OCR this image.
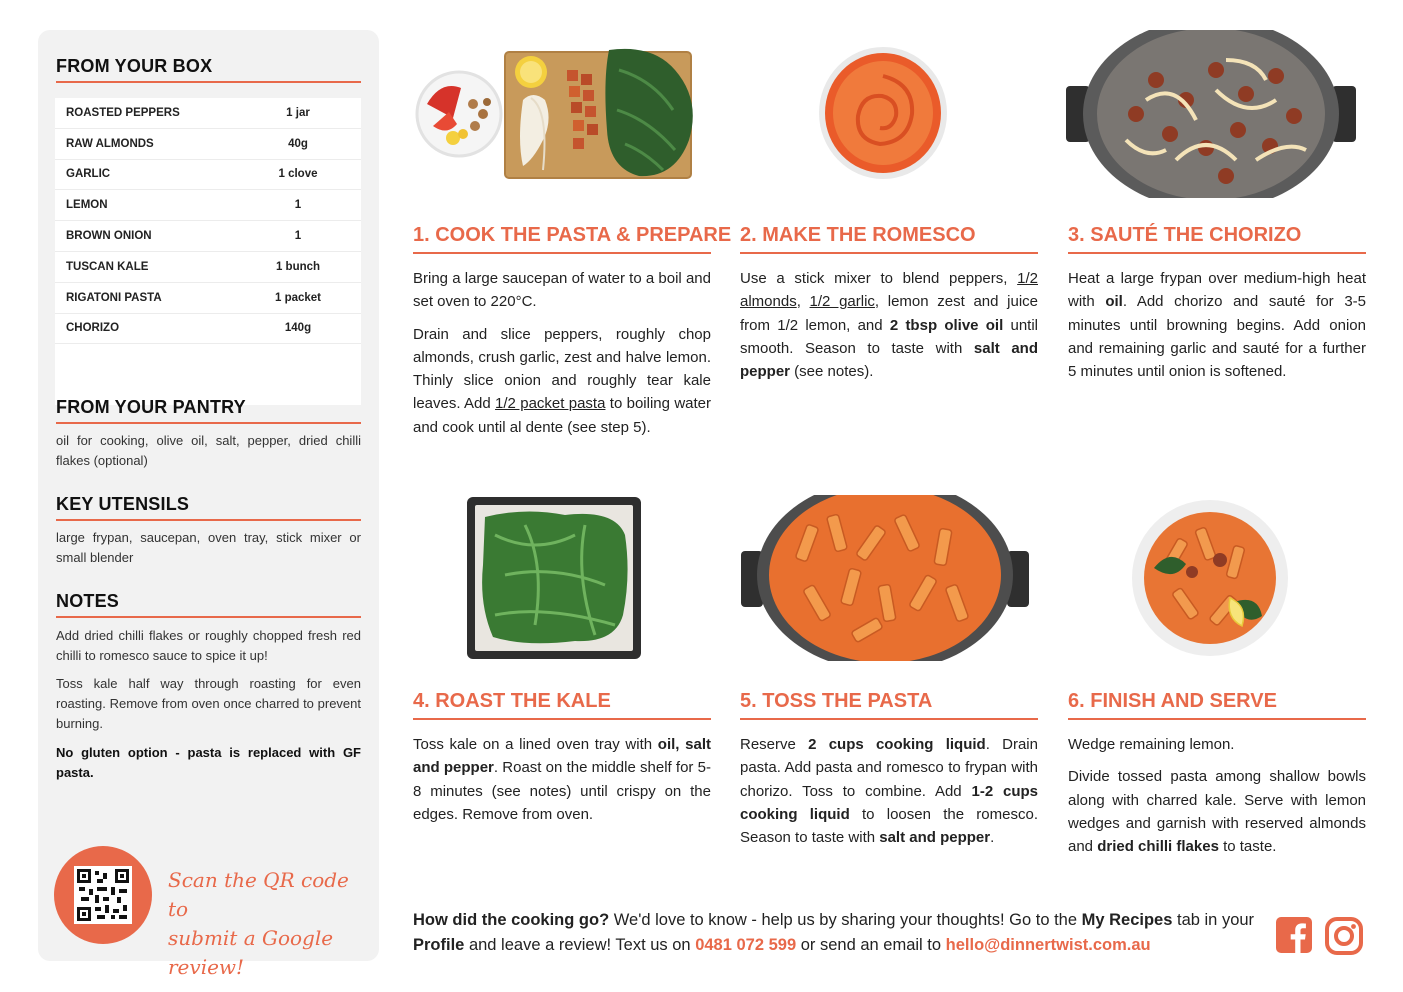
FROM YOUR BOX
ROASTED PEPPERS	1 jar
RAW ALMONDS	40g
GARLIC	1 clove
LEMON	1
BROWN ONION	1
TUSCAN KALE	1 bunch
RIGATONI PASTA	1 packet
CHORIZO	140g
FROM YOUR PANTRY
oil for cooking, olive oil, salt, pepper, dried chilli flakes (optional)
KEY UTENSILS
large frypan, saucepan, oven tray, stick mixer or small blender
NOTES
Add dried chilli flakes or roughly chopped fresh red chilli to romesco sauce to spice it up!
Toss kale half way through roasting for even roasting. Remove from oven once charred to prevent burning.
No gluten option - pasta is replaced with GF pasta.
Scan the QR code to
submit a Google review!
1. COOK THE PASTA & PREPARE

Bring a large saucepan of water to a boil and set oven to 220°C.

Drain and slice peppers, roughly chop almonds, crush garlic, zest and halve lemon. Thinly slice onion and roughly tear kale leaves. Add 1/2 packet pasta to boiling water and cook until al dente (see step 5).

2. MAKE THE ROMESCO

Use a stick mixer to blend peppers, 1/2 almonds, 1/2 garlic, lemon zest and juice from 1/2 lemon, and 2 tbsp olive oil until smooth. Season to taste with salt and pepper (see notes).

3. SAUTÉ THE CHORIZO

Heat a large frypan over medium-high heat with oil. Add chorizo and sauté for 3-5 minutes until browning begins. Add onion and remaining garlic and sauté for a further 5 minutes until onion is softened.

4. ROAST THE KALE

Toss kale on a lined oven tray with oil, salt and pepper. Roast on the middle shelf for 5-8 minutes (see notes) until crispy on the edges. Remove from oven.

5. TOSS THE PASTA

Reserve 2 cups cooking liquid. Drain pasta. Add pasta and romesco to frypan with chorizo. Toss to combine. Add 1-2 cups cooking liquid to loosen the romesco. Season to taste with salt and pepper.

6. FINISH AND SERVE

Wedge remaining lemon.

Divide tossed pasta among shallow bowls along with charred kale. Serve with lemon wedges and garnish with reserved almonds and dried chilli flakes to taste.

How did the cooking go? We'd love to know - help us by sharing your thoughts! Go to the My Recipes tab in your Profile and leave a review! Text us on 0481 072 599 or send an email to hello@dinnertwist.com.au
